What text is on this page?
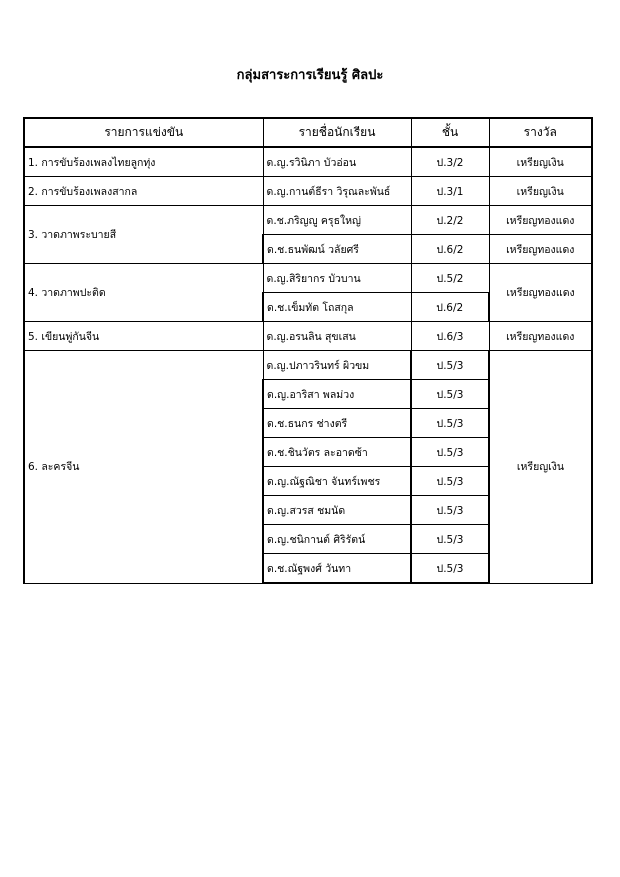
กลุ่มสาระการเรียนรู้ ศิลปะ
รายการแข่งขัน	รายชื่อนักเรียน	ชั้น	รางวัล
1. การขับร้องเพลงไทยลูกทุ่ง	ด.ญ.รวินิภา บัวอ่อน	ป.3/2	เหรียญเงิน
2. การขับร้องเพลงสากล	ด.ญ.กานต์ธีรา วิรุณละพันธ์	ป.3/1	เหรียญเงิน
3. วาดภาพระบายสี	ด.ช.ภริญญู ครุธใหญ่	ป.2/2	เหรียญทองแดง
	ด.ช.ธนพัฒน์ วลัยศรี	ป.6/2	เหรียญทองแดง
4. วาดภาพปะติด	ด.ญ.สิริยากร บัวบาน	ป.5/2	เหรียญทองแดง
	ด.ช.เข็มทัต โถสกุล	ป.6/2	
5. เขียนพู่กันจีน	ด.ญ.อรนลิน สุขเสน	ป.6/3	เหรียญทองแดง
6. ละครจีน	ด.ญ.ปภาวรินทร์ ผิวขม	ป.5/3	เหรียญเงิน
	ด.ญ.อาริสา พลม่วง	ป.5/3	
	ด.ช.ธนกร ช่างตรี	ป.5/3	
	ด.ช.ชินวัตร ละอาดซ้า	ป.5/3	
	ด.ญ.ณัฐณิชา จันทร์เพชร	ป.5/3	
	ด.ญ.สวรส ชมนัด	ป.5/3	
	ด.ญ.ชนิกานต์ ศิริรัตน์	ป.5/3	
	ด.ช.ณัฐพงศ์ วันทา	ป.5/3	
